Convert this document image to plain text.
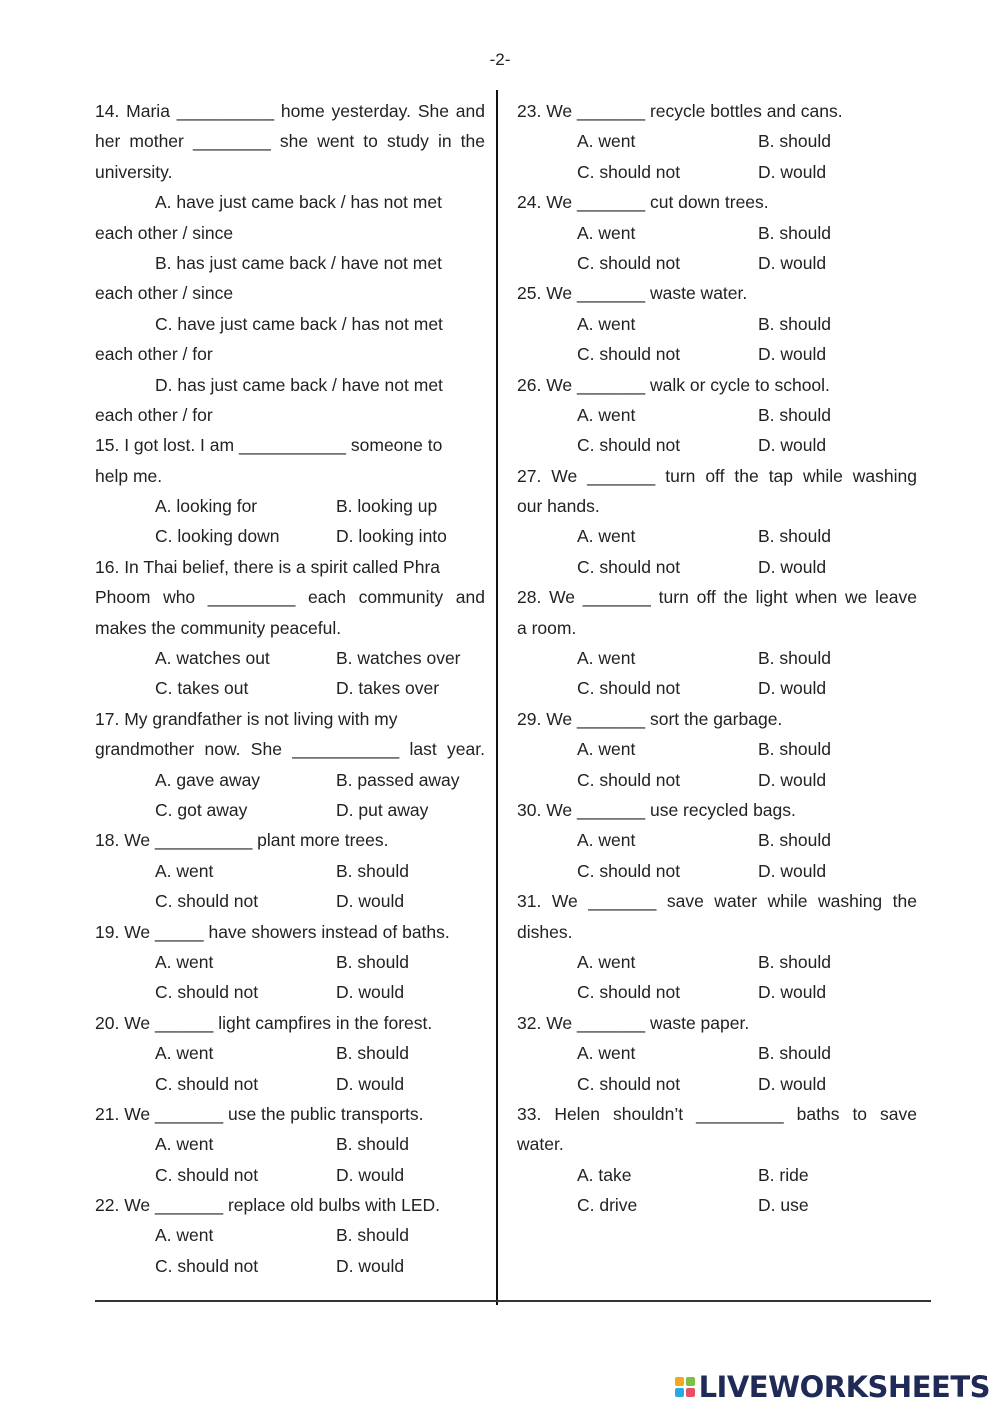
-2-
14. Maria __________ home yesterday. She and
her mother ________ she went to study in the
university.
A. have just came back / has not met
each other / since
B. has just came back / have not met
each other / since
C. have just came back / has not met
each other / for
D. has just came back / have not met
each other / for
15. I got lost. I am ___________ someone to
help me.
A. looking for	B. looking up
C. looking down	D. looking into
16. In Thai belief, there is a spirit called Phra
Phoom who _________ each community and
makes the community peaceful.
A. watches out	B. watches over
C. takes out	D. takes over
17. My grandfather is not living with my
grandmother now. She ___________ last year.
A. gave away	B. passed away
C. got away	D. put away
18. We __________ plant more trees.
A. went	B. should
C. should not	D. would
19. We _____ have showers instead of baths.
A. went	B. should
C. should not	D. would
20. We ______ light campfires in the forest.
A. went	B. should
C. should not	D. would
21. We _______ use the public transports.
A. went	B. should
C. should not	D. would
22. We _______ replace old bulbs with LED.
A. went	B. should
C. should not	D. would
23. We _______ recycle bottles and cans.
A. went	B. should
C. should not	D. would
24. We _______ cut down trees.
A. went	B. should
C. should not	D. would
25. We _______ waste water.
A. went	B. should
C. should not	D. would
26. We _______ walk or cycle to school.
A. went	B. should
C. should not	D. would
27. We _______ turn off the tap while washing
our hands.
A. went	B. should
C. should not	D. would
28. We _______ turn off the light when we leave
a room.
A. went	B. should
C. should not	D. would
29. We _______ sort the garbage.
A. went	B. should
C. should not	D. would
30. We _______ use recycled bags.
A. went	B. should
C. should not	D. would
31. We _______ save water while washing the
dishes.
A. went	B. should
C. should not	D. would
32. We _______ waste paper.
A. went	B. should
C. should not	D. would
33. Helen shouldn’t _________ baths to save
water.
A. take	B. ride
C. drive	D. use
LIVEWORKSHEETS
